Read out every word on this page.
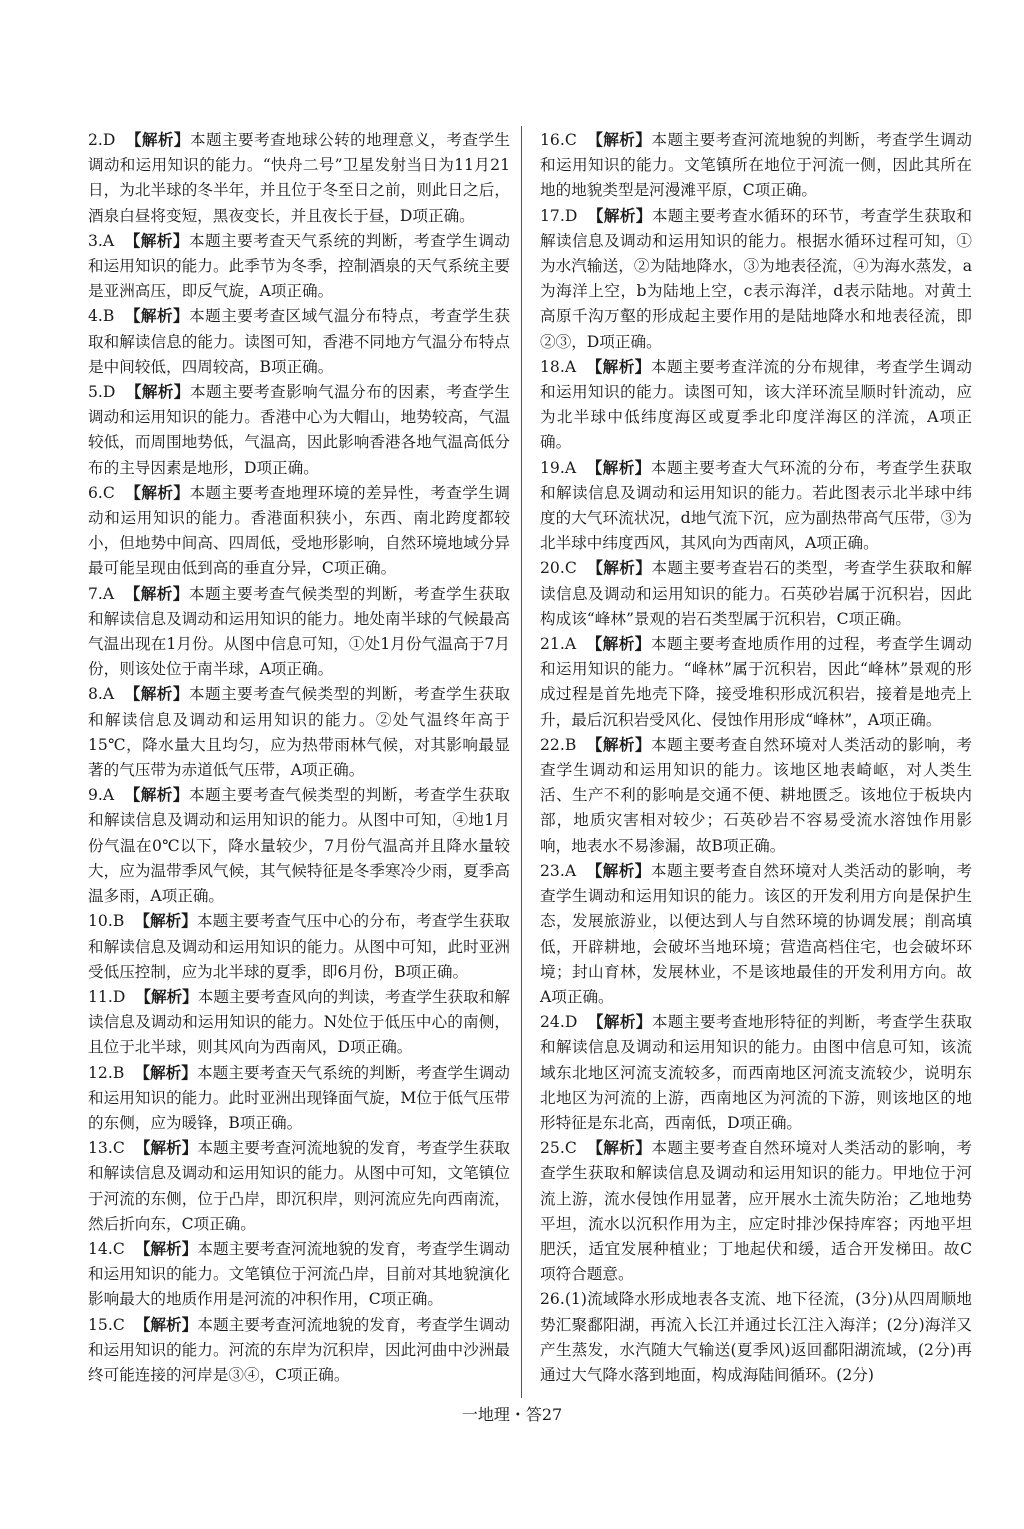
2.D 【解析】本题主要考查地球公转的地理意义，考查学生调动和运用知识的能力。“快舟二号”卫星发射当日为11月21日，为北半球的冬半年，并且位于冬至日之前，则此日之后，酒泉白昼将变短，黑夜变长，并且夜长于昼，D项正确。

3.A 【解析】本题主要考查天气系统的判断，考查学生调动和运用知识的能力。此季节为冬季，控制酒泉的天气系统主要是亚洲高压，即反气旋，A项正确。

4.B 【解析】本题主要考查区域气温分布特点，考查学生获取和解读信息的能力。读图可知，香港不同地方气温分布特点是中间较低，四周较高，B项正确。

5.D 【解析】本题主要考查影响气温分布的因素，考查学生调动和运用知识的能力。香港中心为大帽山，地势较高，气温较低，而周围地势低，气温高，因此影响香港各地气温高低分布的主导因素是地形，D项正确。

6.C 【解析】本题主要考查地理环境的差异性，考查学生调动和运用知识的能力。香港面积狭小，东西、南北跨度都较小，但地势中间高、四周低，受地形影响，自然环境地域分异最可能呈现由低到高的垂直分异，C项正确。

7.A 【解析】本题主要考查气候类型的判断，考查学生获取和解读信息及调动和运用知识的能力。地处南半球的气候最高气温出现在1月份。从图中信息可知，①处1月份气温高于7月份，则该处位于南半球，A项正确。

8.A 【解析】本题主要考查气候类型的判断，考查学生获取和解读信息及调动和运用知识的能力。②处气温终年高于15℃，降水量大且均匀，应为热带雨林气候，对其影响最显著的气压带为赤道低气压带，A项正确。

9.A 【解析】本题主要考查气候类型的判断，考查学生获取和解读信息及调动和运用知识的能力。从图中可知，④地1月份气温在0℃以下，降水量较少，7月份气温高并且降水量较大，应为温带季风气候，其气候特征是冬季寒冷少雨，夏季高温多雨，A项正确。

10.B 【解析】本题主要考查气压中心的分布，考查学生获取和解读信息及调动和运用知识的能力。从图中可知，此时亚洲受低压控制，应为北半球的夏季，即6月份，B项正确。

11.D 【解析】本题主要考查风向的判读，考查学生获取和解读信息及调动和运用知识的能力。N处位于低压中心的南侧，且位于北半球，则其风向为西南风，D项正确。

12.B 【解析】本题主要考查天气系统的判断，考查学生调动和运用知识的能力。此时亚洲出现锋面气旋，M位于低气压带的东侧，应为暖锋，B项正确。

13.C 【解析】本题主要考查河流地貌的发育，考查学生获取和解读信息及调动和运用知识的能力。从图中可知，文笔镇位于河流的东侧，位于凸岸，即沉积岸，则河流应先向西南流，然后折向东，C项正确。

14.C 【解析】本题主要考查河流地貌的发育，考查学生调动和运用知识的能力。文笔镇位于河流凸岸，目前对其地貌演化影响最大的地质作用是河流的冲积作用，C项正确。

15.C 【解析】本题主要考查河流地貌的发育，考查学生调动和运用知识的能力。河流的东岸为沉积岸，因此河曲中沙洲最终可能连接的河岸是③④，C项正确。

16.C 【解析】本题主要考查河流地貌的判断，考查学生调动和运用知识的能力。文笔镇所在地位于河流一侧，因此其所在地的地貌类型是河漫滩平原，C项正确。

17.D 【解析】本题主要考查水循环的环节，考查学生获取和解读信息及调动和运用知识的能力。根据水循环过程可知，①为水汽输送，②为陆地降水，③为地表径流，④为海水蒸发，a为海洋上空，b为陆地上空，c表示海洋，d表示陆地。对黄土高原千沟万壑的形成起主要作用的是陆地降水和地表径流，即②③，D项正确。

18.A 【解析】本题主要考查洋流的分布规律，考查学生调动和运用知识的能力。读图可知，该大洋环流呈顺时针流动，应为北半球中低纬度海区或夏季北印度洋海区的洋流，A项正确。

19.A 【解析】本题主要考查大气环流的分布，考查学生获取和解读信息及调动和运用知识的能力。若此图表示北半球中纬度的大气环流状况，d地气流下沉，应为副热带高气压带，③为北半球中纬度西风，其风向为西南风，A项正确。

20.C 【解析】本题主要考查岩石的类型，考查学生获取和解读信息及调动和运用知识的能力。石英砂岩属于沉积岩，因此构成该“峰林”景观的岩石类型属于沉积岩，C项正确。

21.A 【解析】本题主要考查地质作用的过程，考查学生调动和运用知识的能力。“峰林”属于沉积岩，因此“峰林”景观的形成过程是首先地壳下降，接受堆积形成沉积岩，接着是地壳上升，最后沉积岩受风化、侵蚀作用形成“峰林”，A项正确。

22.B 【解析】本题主要考查自然环境对人类活动的影响，考查学生调动和运用知识的能力。该地区地表崎岖，对人类生活、生产不利的影响是交通不便、耕地匮乏。该地位于板块内部，地质灾害相对较少；石英砂岩不容易受流水溶蚀作用影响，地表水不易渗漏，故B项正确。

23.A 【解析】本题主要考查自然环境对人类活动的影响，考查学生调动和运用知识的能力。该区的开发利用方向是保护生态，发展旅游业，以便达到人与自然环境的协调发展；削高填低，开辟耕地，会破坏当地环境；营造高档住宅，也会破坏环境；封山育林，发展林业，不是该地最佳的开发利用方向。故A项正确。

24.D 【解析】本题主要考查地形特征的判断，考查学生获取和解读信息及调动和运用知识的能力。由图中信息可知，该流域东北地区河流支流较多，而西南地区河流支流较少，说明东北地区为河流的上游，西南地区为河流的下游，则该地区的地形特征是东北高，西南低，D项正确。

25.C 【解析】本题主要考查自然环境对人类活动的影响，考查学生获取和解读信息及调动和运用知识的能力。甲地位于河流上游，流水侵蚀作用显著，应开展水土流失防治；乙地地势平坦，流水以沉积作用为主，应定时排沙保持库容；丙地平坦肥沃，适宜发展种植业；丁地起伏和缓，适合开发梯田。故C项符合题意。

26.(1)流域降水形成地表各支流、地下径流，(3分)从四周顺地势汇聚鄱阳湖，再流入长江并通过长江注入海洋；(2分)海洋又产生蒸发，水汽随大气输送(夏季风)返回鄱阳湖流域，(2分)再通过大气降水落到地面，构成海陆间循环。(2分)

一地理・答27
